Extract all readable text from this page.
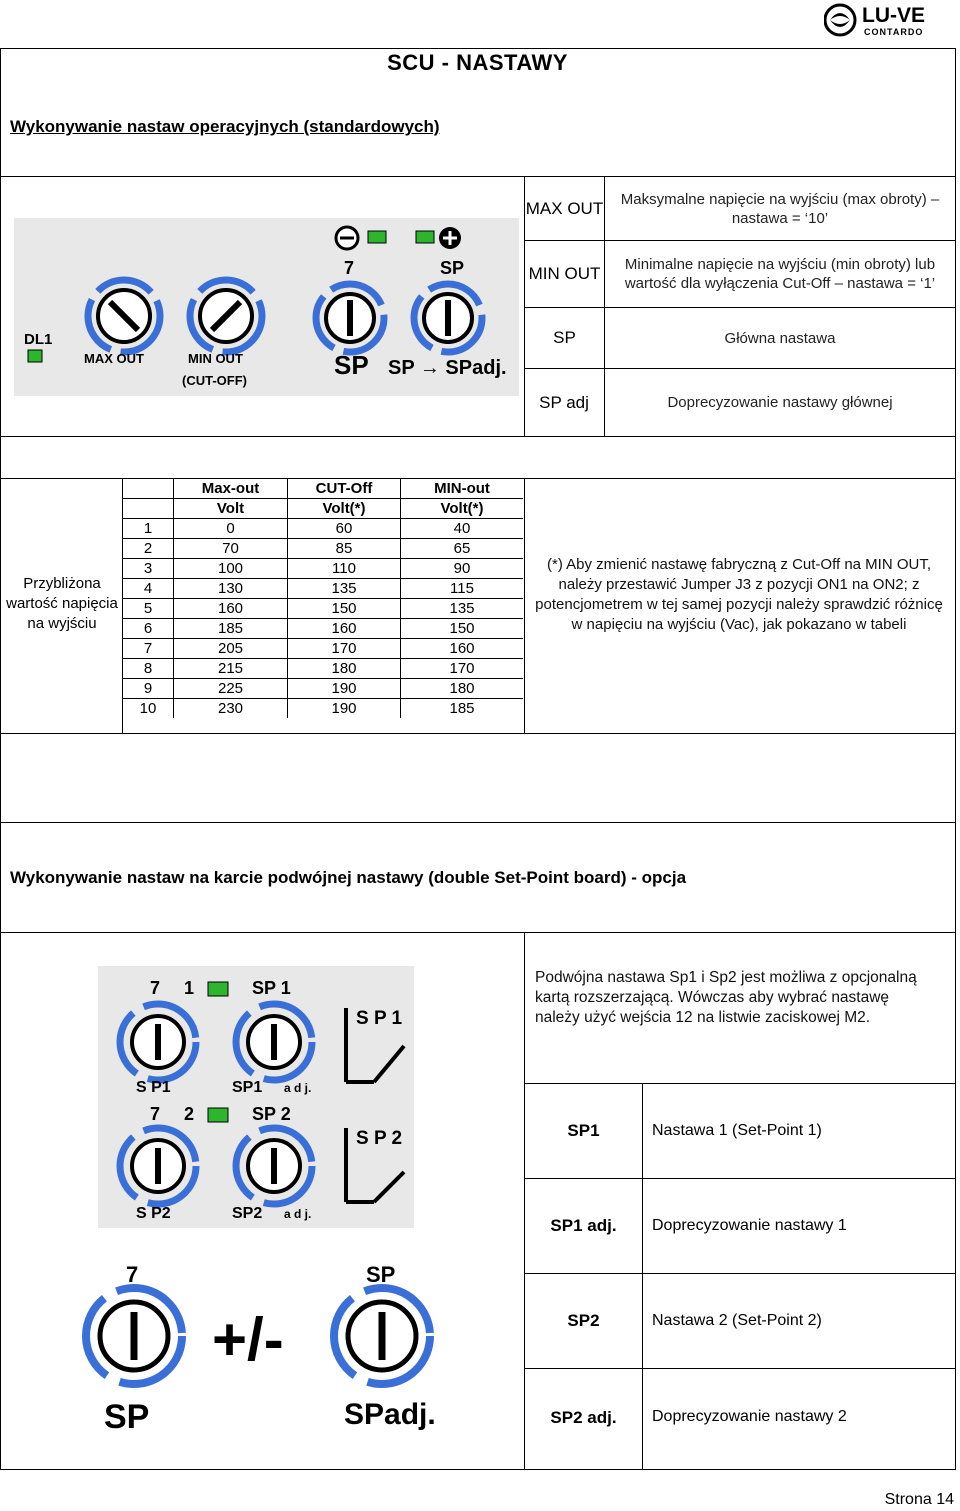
LU-VE
CONTARDO
SCU - NASTAWY
Wykonywanie nastaw operacyjnych (standardowych)
DL1
MAX OUT	MIN OUT
(CUT-OFF)
7	SP
SP SP → SPadj.
MAX OUT	Maksymalne napięcie na wyjściu (max obroty) – nastawa = ‘10’
MIN OUT	Minimalne napięcie na wyjściu (min obroty) lub wartość dla wyłączenia Cut-Off – nastawa = ‘1’
SP	Główna nastawa
SP adj	Doprecyzowanie nastawy głównej
Przybliżona wartość napięcia na wyjściu
	Max-out	CUT-Off	MIN-out
	Volt	Volt(*)	Volt(*)
1	0	60	40
2	70	85	65
3	100	110	90
4	130	135	115
5	160	150	135
6	185	160	150
7	205	170	160
8	215	180	170
9	225	190	180
10	230	190	185
(*) Aby zmienić nastawę fabryczną z Cut-Off na MIN OUT, należy przestawić Jumper J3 z pozycji ON1 na ON2; z potencjometrem w tej samej pozycji należy sprawdzić różnicę w napięciu na wyjściu (Vac), jak pokazano w tabeli
Wykonywanie nastaw na karcie podwójnej nastawy (double Set-Point board) - opcja
7 1	SP 1
S P1	SP1 a d j.
S P 1
7 2	SP 2
S P2	SP2 a d j.
S P 2
7
SP
+/-
SP
SPadj.
Podwójna nastawa Sp1 i Sp2 jest możliwa z opcjonalną kartą rozszerzającą. Wówczas aby wybrać nastawę należy użyć wejścia 12 na listwie zaciskowej M2.
SP1	Nastawa 1 (Set-Point 1)
SP1 adj.	Doprecyzowanie nastawy 1
SP2	Nastawa 2 (Set-Point 2)
SP2 adj.	Doprecyzowanie nastawy 2
Strona 14
